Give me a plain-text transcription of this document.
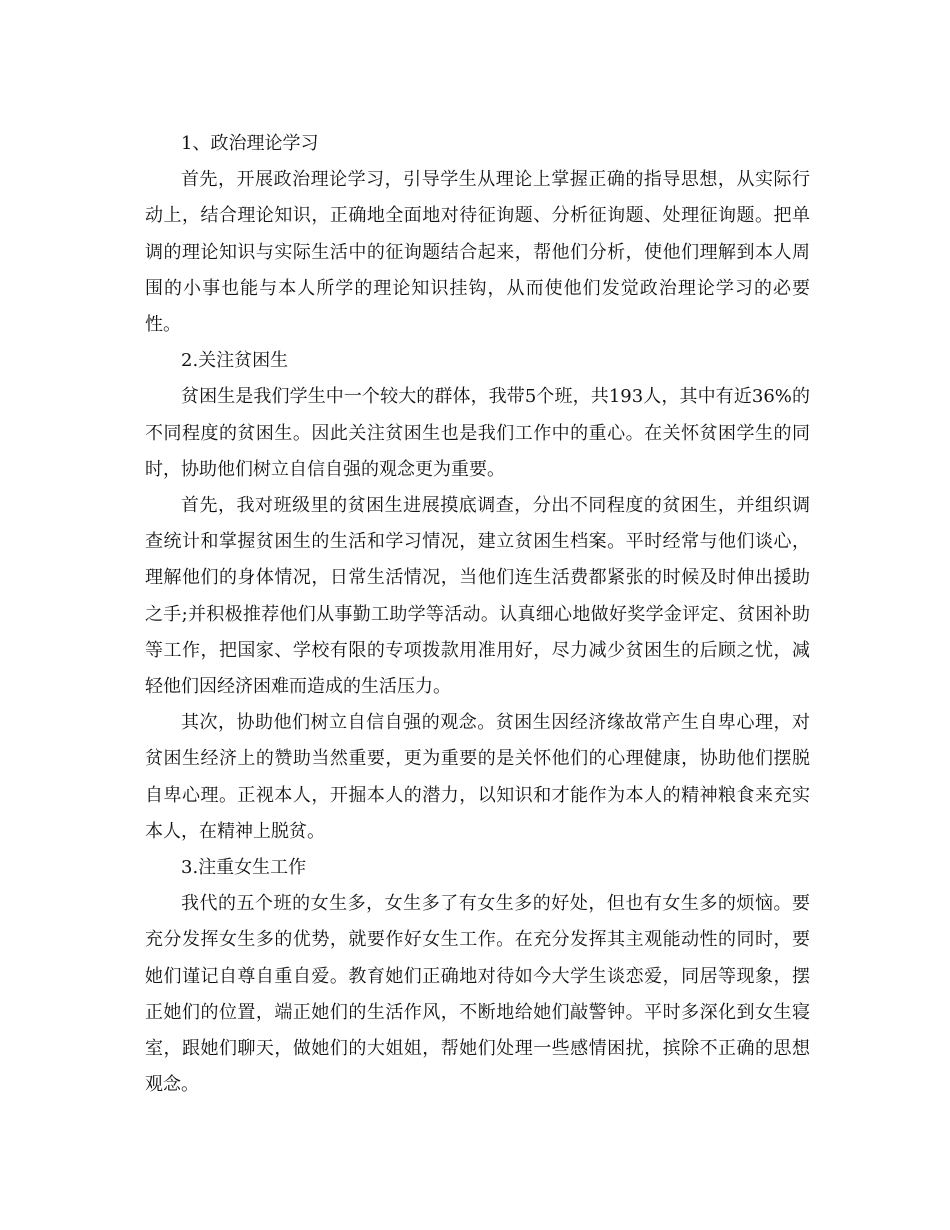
1、政治理论学习

首先，开展政治理论学习，引导学生从理论上掌握正确的指导思想，从实际行动上，结合理论知识，正确地全面地对待征询题、分析征询题、处理征询题。把单调的理论知识与实际生活中的征询题结合起来，帮他们分析，使他们理解到本人周围的小事也能与本人所学的理论知识挂钩，从而使他们发觉政治理论学习的必要性。

2.关注贫困生

贫困生是我们学生中一个较大的群体，我带5个班，共193人，其中有近36%的不同程度的贫困生。因此关注贫困生也是我们工作中的重心。在关怀贫困学生的同时，协助他们树立自信自强的观念更为重要。

首先，我对班级里的贫困生进展摸底调查，分出不同程度的贫困生，并组织调查统计和掌握贫困生的生活和学习情况，建立贫困生档案。平时经常与他们谈心，理解他们的身体情况，日常生活情况，当他们连生活费都紧张的时候及时伸出援助之手;并积极推荐他们从事勤工助学等活动。认真细心地做好奖学金评定、贫困补助等工作，把国家、学校有限的专项拨款用准用好，尽力减少贫困生的后顾之忧，减轻他们因经济困难而造成的生活压力。

其次，协助他们树立自信自强的观念。贫困生因经济缘故常产生自卑心理，对贫困生经济上的赞助当然重要，更为重要的是关怀他们的心理健康，协助他们摆脱自卑心理。正视本人，开掘本人的潜力，以知识和才能作为本人的精神粮食来充实本人，在精神上脱贫。

3.注重女生工作

我代的五个班的女生多，女生多了有女生多的好处，但也有女生多的烦恼。要充分发挥女生多的优势，就要作好女生工作。在充分发挥其主观能动性的同时，要她们谨记自尊自重自爱。教育她们正确地对待如今大学生谈恋爱，同居等现象，摆正她们的位置，端正她们的生活作风，不断地给她们敲警钟。平时多深化到女生寝室，跟她们聊天，做她们的大姐姐，帮她们处理一些感情困扰，摈除不正确的思想观念。
